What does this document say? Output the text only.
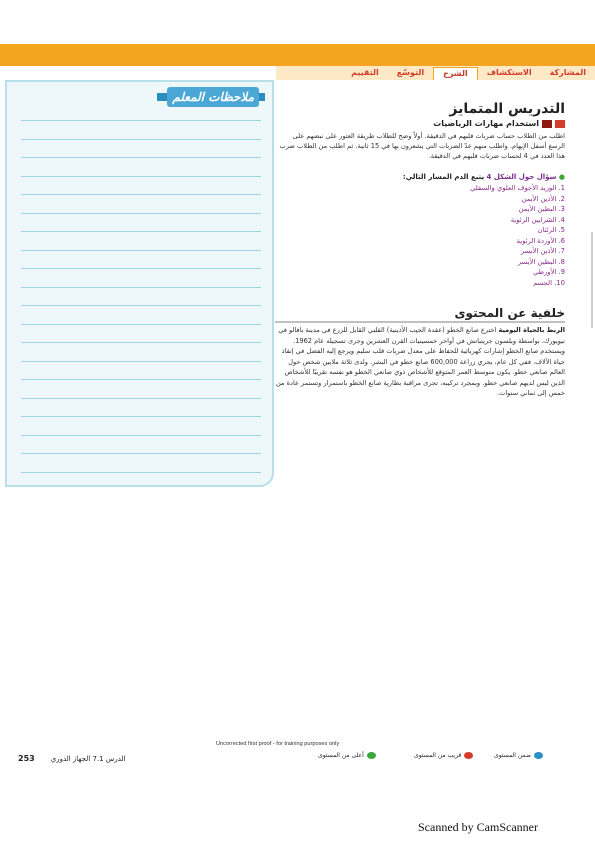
المشاركة
الاستكشاف
الشرح
التوسّع
التقييم
ملاحظات المعلم
التدريس المتمايز
استخدام مهارات الرياضيات

اطلب من الطلاب حساب ضربات قلبهم في الدقيقة. أولاً وضح للطلاب طريقة العثور على نبضهم على الرسغ أسفل الإبهام. واطلب منهم عدّ الضربات التي يشعرون بها في 15 ثانية. ثم اطلب من الطلاب ضرب هذا العدد في 4 لحساب ضربات قلبهم في الدقيقة.

● سؤال حول الشكل 4 يتبع الدم المسار التالي:
1. الوريد الأجوف العلوي والسفلي
2. الأذين الأيمن
3. البطين الأيمن
4. الشرايين الرئوية
5. الرئتان
6. الأوردة الرئوية
7. الأذين الأيسر
8. البطين الأيسر
9. الأورطي
10. الجسم
خلفية عن المحتوى

الربط بالحياة اليومية اخترع صانع الخطو (عقدة الجيب الأذينية) القلبي القابل للزرع في مدينة بافالو في نيويورك، بواسطة ويلسون جريتباتش في أواخر خمسينيات القرن العشرين وجرى تسجيله عام 1962. ويستخدم صانع الخطو إشارات كهربائية للحفاظ على معدل ضربات قلب سليم ويرجع إليه الفضل في إنقاذ حياة الآلاف. ففي كل عام، يجري زراعة 600,000 صانع خطو في البشر. ولدى ثلاثة ملايين شخص حول العالم صانعي خطو. يكون متوسط العمر المتوقع للأشخاص ذوي صانعي الخطو هو نفسه تقريبًا للأشخاص الذين ليس لديهم صانعي خطو. وبمجرد تركيبه، تجرى مراقبة بطارية صانع الخطو باستمرار وتستمر عادة من خمس إلى ثماني سنوات.

Uncorrected first proof - for training purposes only
الدرس 7.1 الجهاز الدوري
253	أعلى من المستوى	قريب من المستوى	ضمن المستوى
Scanned by CamScanner
